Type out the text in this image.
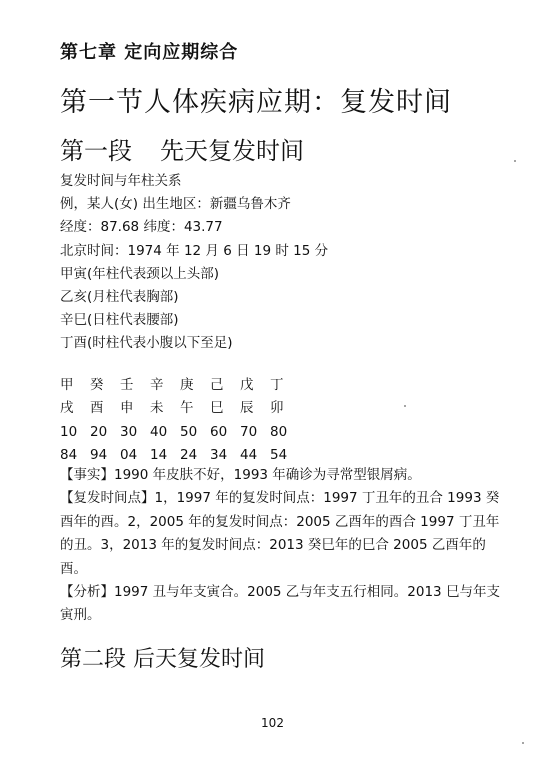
第七章 定向应期综合
第一节人体疾病应期：复发时间
第一段 先天复发时间
复发时间与年柱关系
例，某人(女) 出生地区：新疆乌鲁木齐
经度：87.68 纬度：43.77
北京时间：1974 年 12 月 6 日 19 时 15 分
甲寅(年柱代表颈以上头部)
乙亥(月柱代表胸部)
辛巳(日柱代表腰部)
丁酉(时柱代表小腹以下至足)
甲 癸 壬 辛 庚 己 戊 丁
戌 酉 申 未 午 巳 辰 卯
10 20 30 40 50 60 70 80
84 94 04 14 24 34 44 54

【事实】1990 年皮肤不好，1993 年确诊为寻常型银屑病。

【复发时间点】1，1997 年的复发时间点：1997 丁丑年的丑合 1993 癸酉年的酉。2，2005 年的复发时间点：2005 乙酉年的酉合 1997 丁丑年的丑。3，2013 年的复发时间点：2013 癸巳年的巳合 2005 乙酉年的酉。

【分析】1997 丑与年支寅合。2005 乙与年支五行相同。2013 巳与年支寅刑。

第二段 后天复发时间
102
